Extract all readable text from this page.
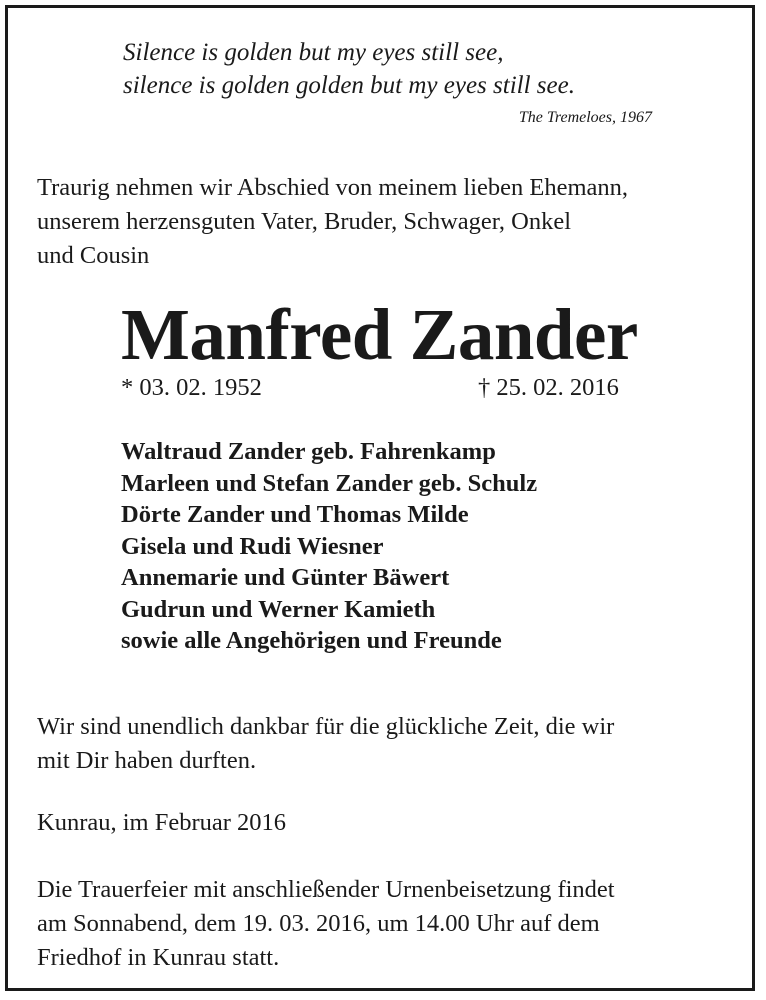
Silence is golden but my eyes still see,
silence is golden golden but my eyes still see.
The Tremeloes, 1967
Traurig nehmen wir Abschied von meinem lieben Ehemann,
unserem herzensguten Vater, Bruder, Schwager, Onkel
und Cousin
Manfred Zander
* 03. 02. 1952	† 25. 02. 2016
Waltraud Zander geb. Fahrenkamp
Marleen und Stefan Zander geb. Schulz
Dörte Zander und Thomas Milde
Gisela und Rudi Wiesner
Annemarie und Günter Bäwert
Gudrun und Werner Kamieth
sowie alle Angehörigen und Freunde
Wir sind unendlich dankbar für die glückliche Zeit, die wir
mit Dir haben durften.
Kunrau, im Februar 2016
Die Trauerfeier mit anschließender Urnenbeisetzung findet
am Sonnabend, dem 19. 03. 2016, um 14.00 Uhr auf dem
Friedhof in Kunrau statt.
